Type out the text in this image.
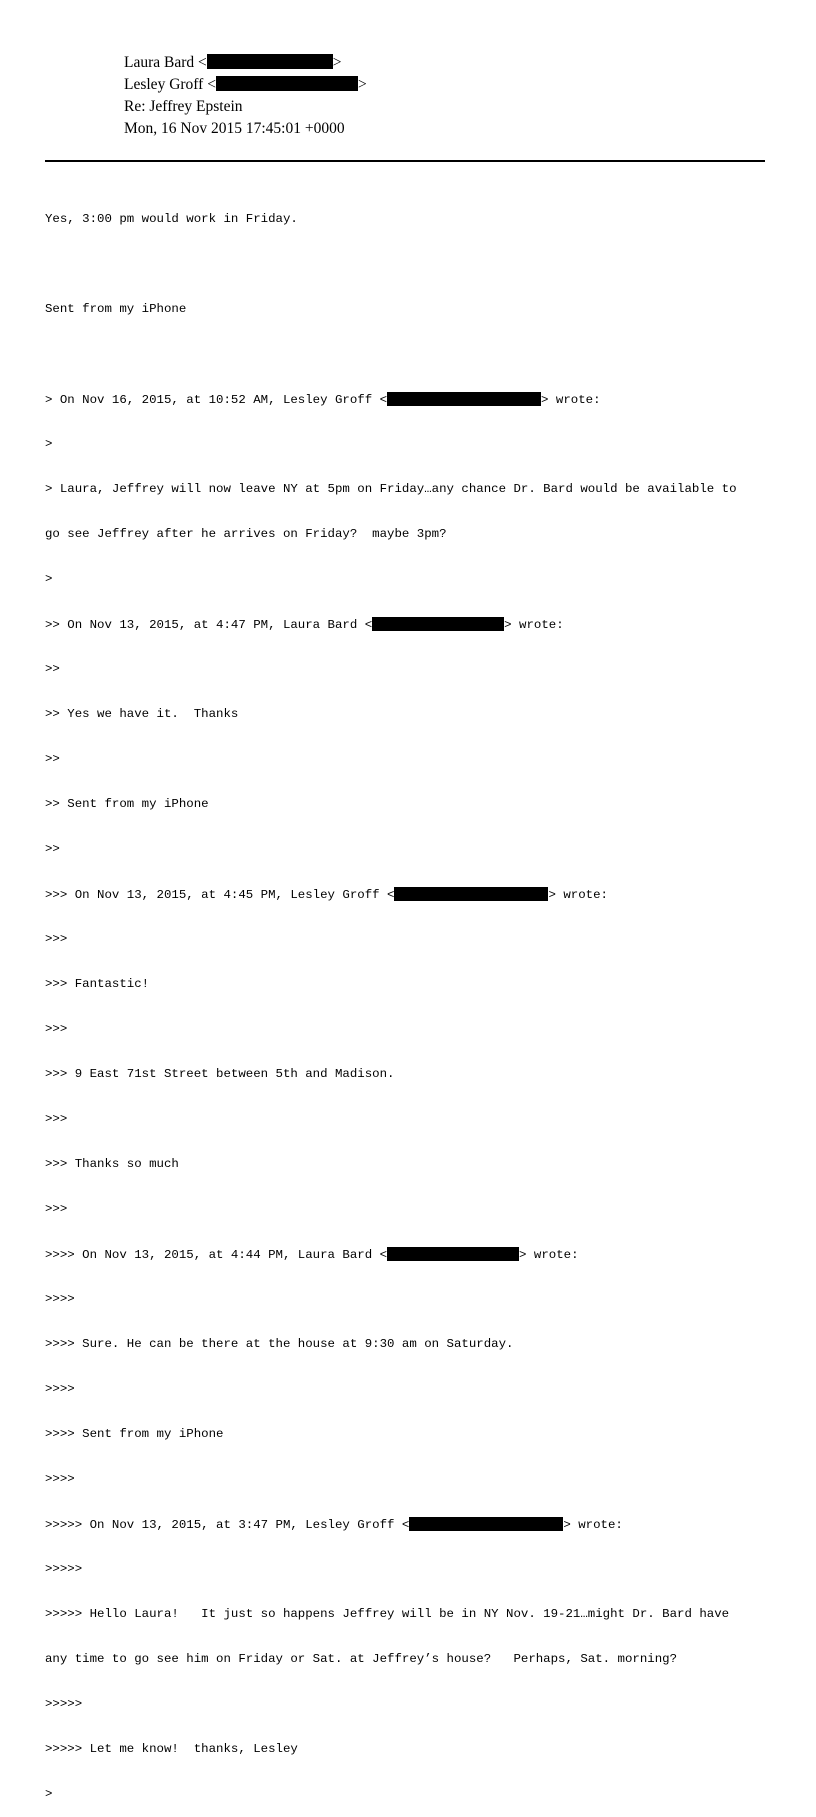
Laura Bard <	>
Lesley Groff <	>
Re: Jeffrey Epstein
Mon, 16 Nov 2015 17:45:01 +0000

Yes, 3:00 pm would work in Friday.

Sent from my iPhone

> On Nov 16, 2015, at 10:52 AM, Lesley Groff <	> wrote:

>

> Laura, Jeffrey will now leave NY at 5pm on Friday…any chance Dr. Bard would be available to

go see Jeffrey after he arrives on Friday?  maybe 3pm?

>

>> On Nov 13, 2015, at 4:47 PM, Laura Bard <	> wrote:

>>

>> Yes we have it.  Thanks

>>

>> Sent from my iPhone

>>

>>> On Nov 13, 2015, at 4:45 PM, Lesley Groff <	> wrote:

>>>

>>> Fantastic!

>>>

>>> 9 East 71st Street between 5th and Madison.

>>>

>>> Thanks so much

>>>

>>>> On Nov 13, 2015, at 4:44 PM, Laura Bard <	> wrote:

>>>>

>>>> Sure. He can be there at the house at 9:30 am on Saturday.

>>>>

>>>> Sent from my iPhone

>>>>

>>>>> On Nov 13, 2015, at 3:47 PM, Lesley Groff <	> wrote:

>>>>>

>>>>> Hello Laura!   It just so happens Jeffrey will be in NY Nov. 19-21…might Dr. Bard have

any time to go see him on Friday or Sat. at Jeffrey’s house?   Perhaps, Sat. morning?

>>>>>

>>>>> Let me know!  thanks, Lesley

>
